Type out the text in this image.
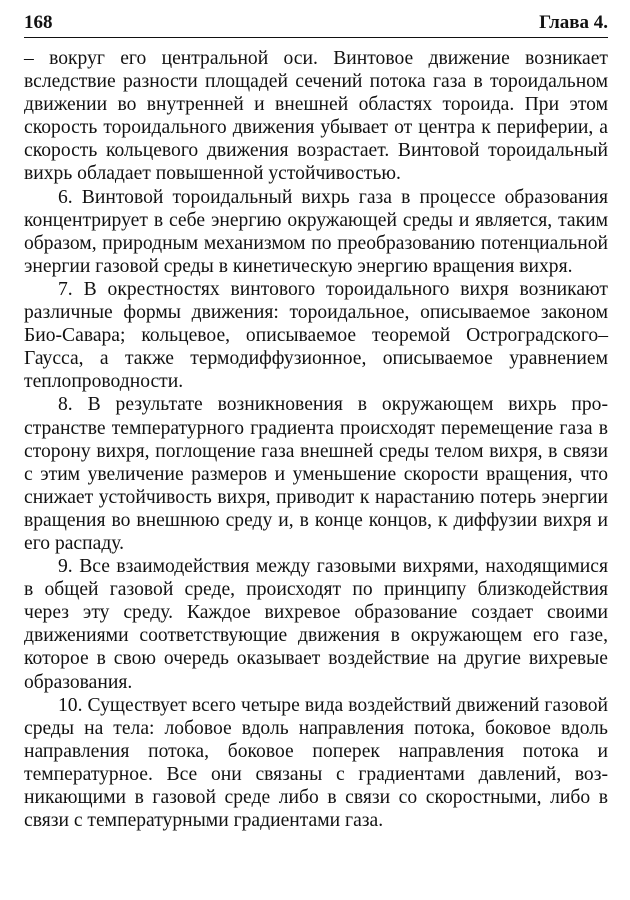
168	Глава 4.

– вокруг его центральной оси. Винтовое движение возникает вследствие разности площадей сечений потока газа в тороидальном движении во внутренней и внешней областях тороида. При этом скорость тороидального движения убывает от центра к периферии, а скорость кольцевого движения возрастает. Винтовой тороидальный вихрь обладает повышенной устойчивостью.

6. Винтовой тороидальный вихрь газа в процессе образования концентрирует в себе энергию окружающей среды и является, таким образом, природным механизмом по преобразованию потенциальной энергии газовой среды в кинетическую энергию вращения вихря.

7. В окрестностях винтового тороидального вихря возникают различные формы движения: тороидальное, описываемое законом Био-Савара; кольцевое, описываемое теоремой Остроградского–Гаусса, а также термодиффузионное, описываемое уравнением теплопроводности.

8. В результате возникновения в окружающем вихрь пространстве температурного градиента происходят перемещение газа в сторону вихря, поглощение газа внешней среды телом вихря, в связи с этим увеличение размеров и уменьшение скорости вращения, что снижает устойчивость вихря, приводит к нарастанию потерь энергии вращения во внешнюю среду и, в конце концов, к диффузии вихря и его распаду.

9. Все взаимодействия между газовыми вихрями, находящимися в общей газовой среде, происходят по принципу близкодействия через эту среду. Каждое вихревое образование создает своими движениями соответствующие движения в окружающем его газе, которое в свою очередь оказывает воздействие на другие вихревые образования.

10. Существует всего четыре вида воздействий движений газовой среды на тела: лобовое вдоль направления потока, боковое вдоль направления потока, боковое поперек направления потока и температурное. Все они связаны с градиентами давлений, возникающими в газовой среде либо в связи со скоростными, либо в связи с температурными градиентами газа.
